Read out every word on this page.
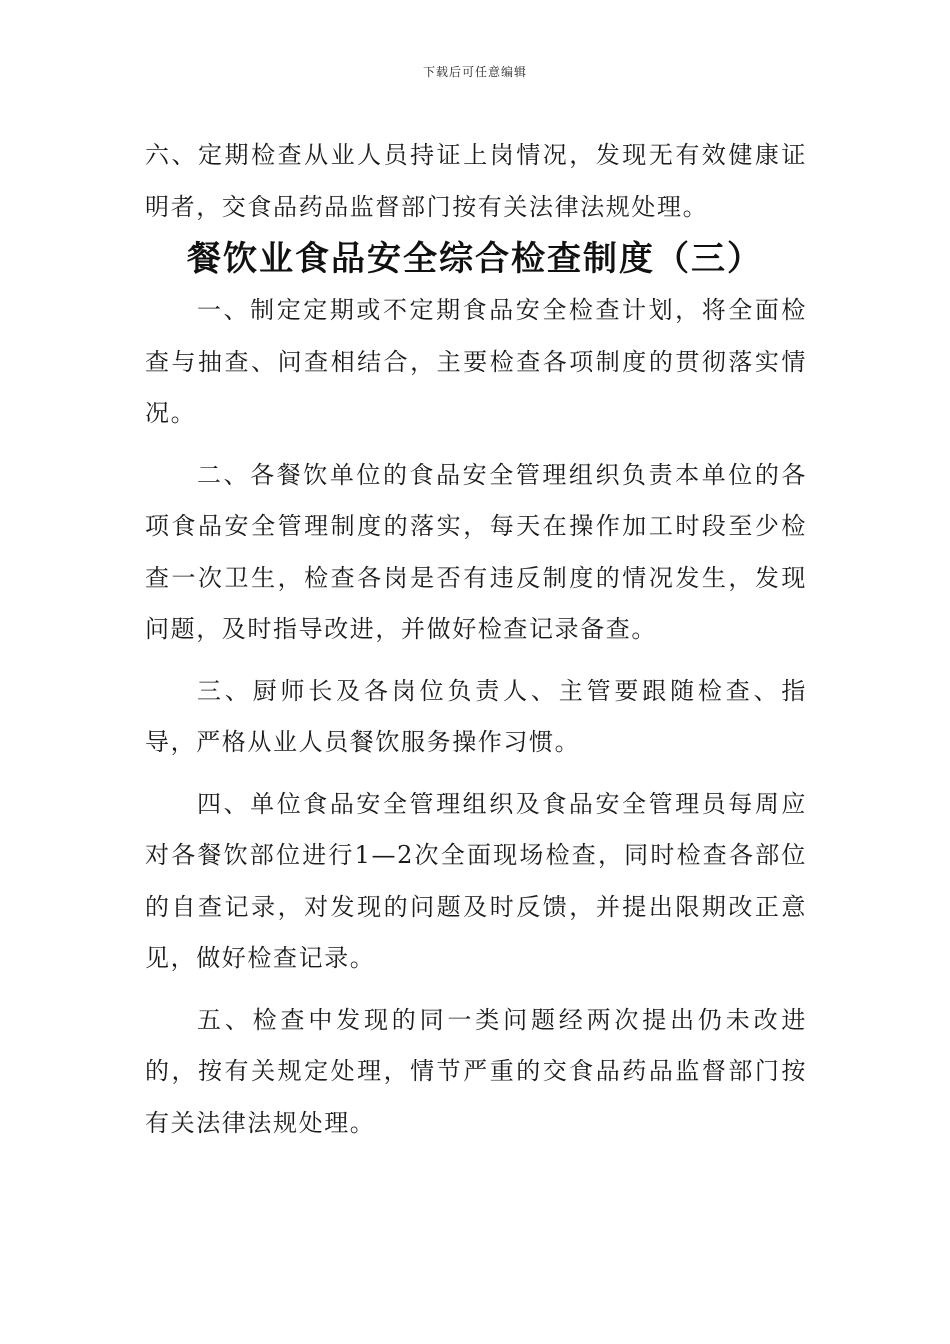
下载后可任意编辑

六、定期检查从业人员持证上岗情况，发现无有效健康证明者，交食品药品监督部门按有关法律法规处理。

餐饮业食品安全综合检查制度（三）

一、制定定期或不定期食品安全检查计划，将全面检查与抽查、问查相结合，主要检查各项制度的贯彻落实情况。

二、各餐饮单位的食品安全管理组织负责本单位的各项食品安全管理制度的落实，每天在操作加工时段至少检查一次卫生，检查各岗是否有违反制度的情况发生，发现问题，及时指导改进，并做好检查记录备查。

三、厨师长及各岗位负责人、主管要跟随检查、指导，严格从业人员餐饮服务操作习惯。

四、单位食品安全管理组织及食品安全管理员每周应对各餐饮部位进行1—2次全面现场检查，同时检查各部位的自查记录，对发现的问题及时反馈，并提出限期改正意见，做好检查记录。

五、检查中发现的同一类问题经两次提出仍未改进的，按有关规定处理，情节严重的交食品药品监督部门按有关法律法规处理。
